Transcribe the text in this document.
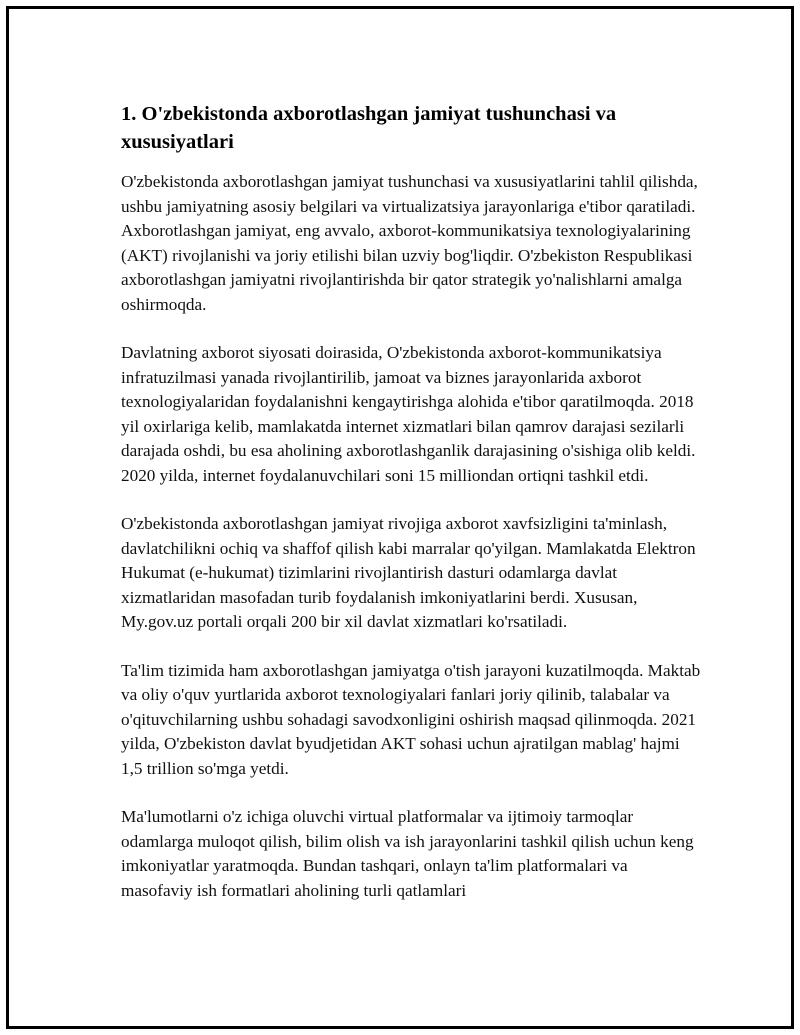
1. O'zbekistonda axborotlashgan jamiyat tushunchasi va xususiyatlari

O'zbekistonda axborotlashgan jamiyat tushunchasi va xususiyatlarini tahlil qilishda, ushbu jamiyatning asosiy belgilari va virtualizatsiya jarayonlariga e'tibor qaratiladi. Axborotlashgan jamiyat, eng avvalo, axborot-kommunikatsiya texnologiyalarining (AKT) rivojlanishi va joriy etilishi bilan uzviy bog'liqdir. O'zbekiston Respublikasi axborotlashgan jamiyatni rivojlantirishda bir qator strategik yo'nalishlarni amalga oshirmoqda.

Davlatning axborot siyosati doirasida, O'zbekistonda axborot-kommunikatsiya infratuzilmasi yanada rivojlantirilib, jamoat va biznes jarayonlarida axborot texnologiyalaridan foydalanishni kengaytirishga alohida e'tibor qaratilmoqda. 2018 yil oxirlariga kelib, mamlakatda internet xizmatlari bilan qamrov darajasi sezilarli darajada oshdi, bu esa aholining axborotlashganlik darajasining o'sishiga olib keldi. 2020 yilda, internet foydalanuvchilari soni 15 milliondan ortiqni tashkil etdi.

O'zbekistonda axborotlashgan jamiyat rivojiga axborot xavfsizligini ta'minlash, davlatchilikni ochiq va shaffof qilish kabi marralar qo'yilgan. Mamlakatda Elektron Hukumat (e-hukumat) tizimlarini rivojlantirish dasturi odamlarga davlat xizmatlaridan masofadan turib foydalanish imkoniyatlarini berdi. Xususan, My.gov.uz portali orqali 200 bir xil davlat xizmatlari ko'rsatiladi.

Ta'lim tizimida ham axborotlashgan jamiyatga o'tish jarayoni kuzatilmoqda. Maktab va oliy o'quv yurtlarida axborot texnologiyalari fanlari joriy qilinib, talabalar va o'qituvchilarning ushbu sohadagi savodxonligini oshirish maqsad qilinmoqda. 2021 yilda, O'zbekiston davlat byudjetidan AKT sohasi uchun ajratilgan mablag' hajmi 1,5 trillion so'mga yetdi.

Ma'lumotlarni o'z ichiga oluvchi virtual platformalar va ijtimoiy tarmoqlar odamlarga muloqot qilish, bilim olish va ish jarayonlarini tashkil qilish uchun keng imkoniyatlar yaratmoqda. Bundan tashqari, onlayn ta'lim platformalari va masofaviy ish formatlari aholining turli qatlamlari
